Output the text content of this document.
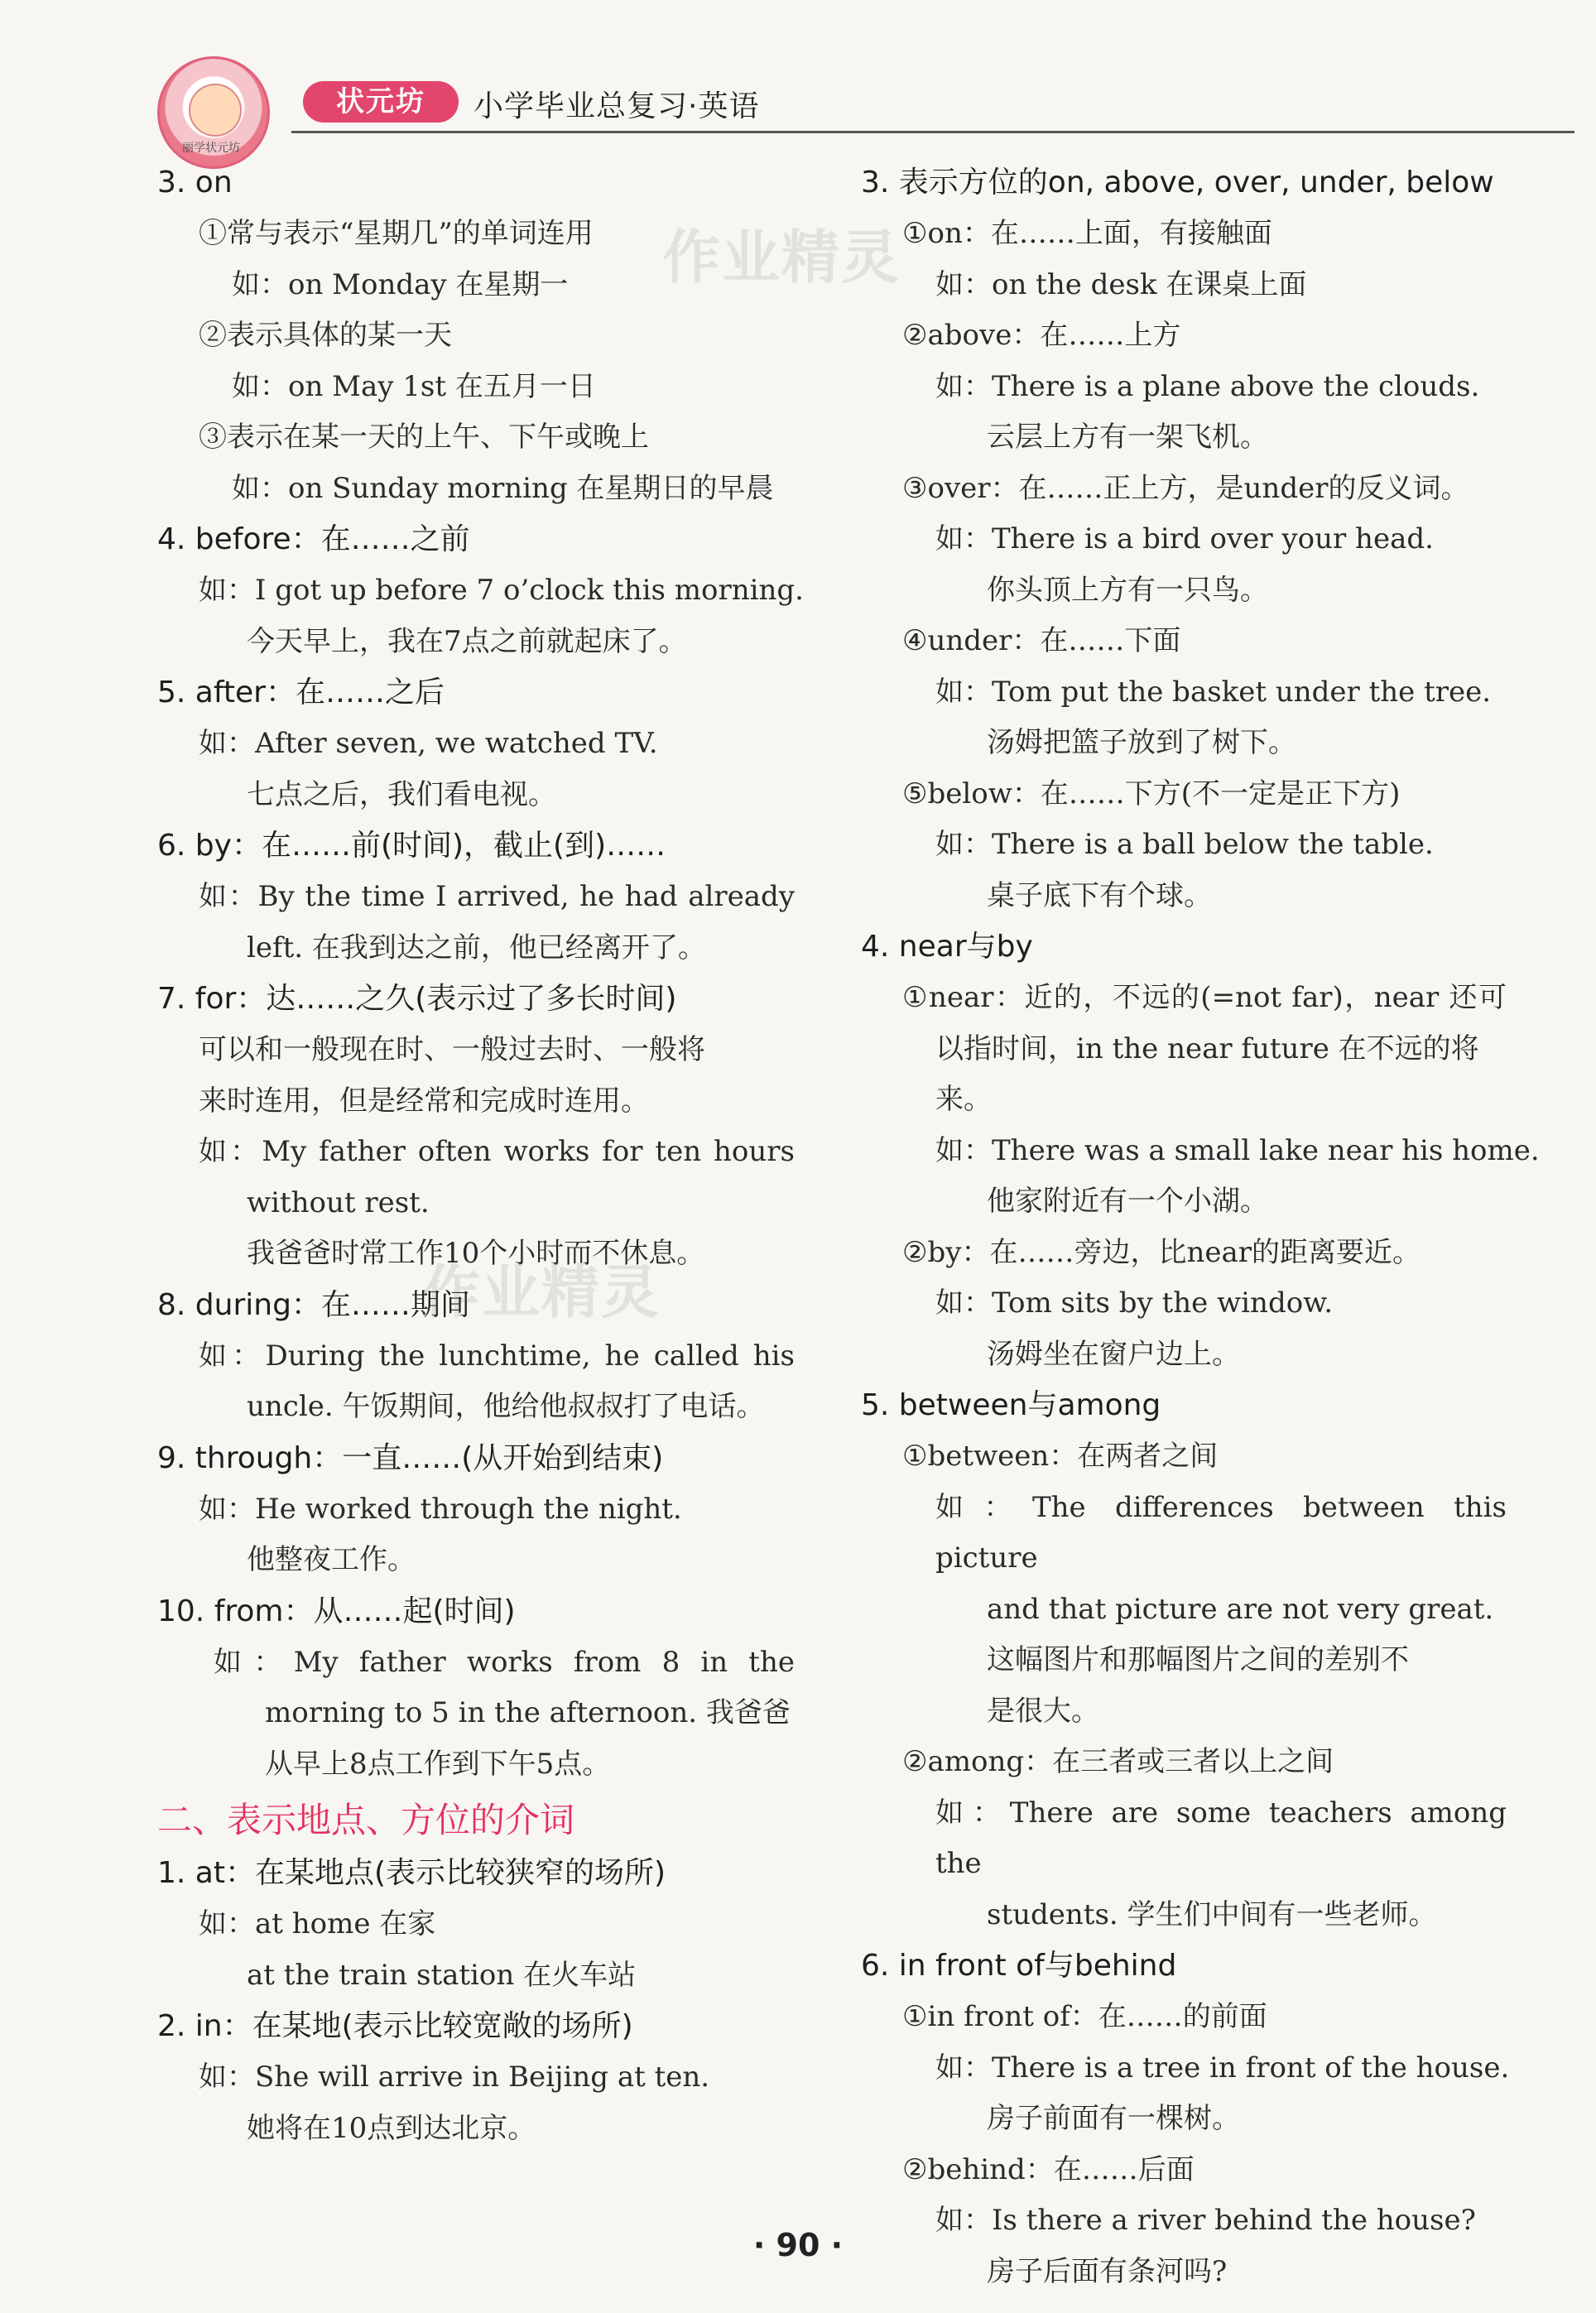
丽学状元坊
状元坊	小学毕业总复习·英语
3. on
①常与表示“星期几”的单词连用
如：on Monday 在星期一
②表示具体的某一天
如：on May 1st 在五月一日
③表示在某一天的上午、下午或晚上
如：on Sunday morning 在星期日的早晨
4. before：在……之前
如：I got up before 7 o’clock this morning.
今天早上，我在7点之前就起床了。
5. after：在……之后
如：After seven, we watched TV.
七点之后，我们看电视。
6. by：在……前(时间)，截止(到)……
如：By the time I arrived, he had already
left. 在我到达之前，他已经离开了。
7. for：达……之久(表示过了多长时间)
可以和一般现在时、一般过去时、一般将
来时连用，但是经常和完成时连用。
如：My father often works for ten hours
without rest.
我爸爸时常工作10个小时而不休息。
8. during：在……期间
如：During the lunchtime, he called his
uncle. 午饭期间，他给他叔叔打了电话。
9. through：一直……(从开始到结束)
如：He worked through the night.
他整夜工作。
10. from：从……起(时间)
如：My father works from 8 in the
morning to 5 in the afternoon. 我爸爸
从早上8点工作到下午5点。
二、表示地点、方位的介词
1. at：在某地点(表示比较狭窄的场所)
如：at home 在家
at the train station 在火车站
2. in：在某地(表示比较宽敞的场所)
如：She will arrive in Beijing at ten.
她将在10点到达北京。
3. 表示方位的on, above, over, under, below
①on：在……上面，有接触面
如：on the desk 在课桌上面
②above：在……上方
如：There is a plane above the clouds.
云层上方有一架飞机。
③over：在……正上方，是under的反义词。
如：There is a bird over your head.
你头顶上方有一只鸟。
④under：在……下面
如：Tom put the basket under the tree.
汤姆把篮子放到了树下。
⑤below：在……下方(不一定是正下方)
如：There is a ball below the table.
桌子底下有个球。
4. near与by
①near：近的，不远的(=not far)，near 还可
以指时间，in the near future 在不远的将
来。
如：There was a small lake near his home.
他家附近有一个小湖。
②by：在……旁边，比near的距离要近。
如：Tom sits by the window.
汤姆坐在窗户边上。
5. between与among
①between：在两者之间
如：The differences between this picture
and that picture are not very great.
这幅图片和那幅图片之间的差别不
是很大。
②among：在三者或三者以上之间
如：There are some teachers among the
students. 学生们中间有一些老师。
6. in front of与behind
①in front of：在……的前面
如：There is a tree in front of the house.
房子前面有一棵树。
②behind：在……后面
如：Is there a river behind the house?
房子后面有条河吗?
作业精灵
作业精灵
· 90 ·
